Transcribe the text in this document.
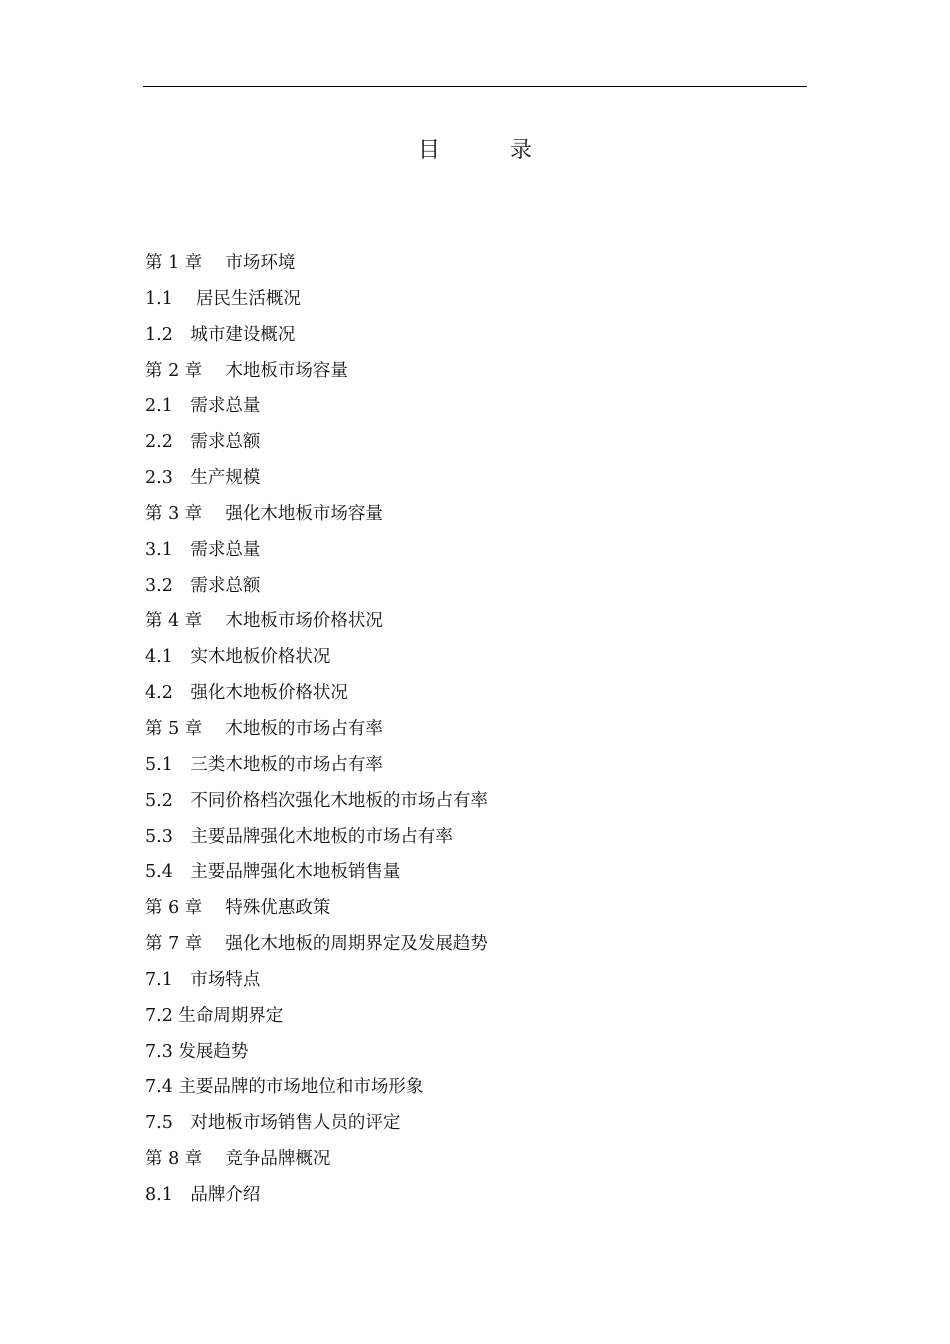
目　录
第 1 章　 市场环境
1.1　 居民生活概况
1.2　城市建设概况
第 2 章　 木地板市场容量
2.1　需求总量
2.2　需求总额
2.3　生产规模
第 3 章　 强化木地板市场容量
3.1　需求总量
3.2　需求总额
第 4 章　 木地板市场价格状况
4.1　实木地板价格状况
4.2　强化木地板价格状况
第 5 章　 木地板的市场占有率
5.1　三类木地板的市场占有率
5.2　不同价格档次强化木地板的市场占有率
5.3　主要品牌强化木地板的市场占有率
5.4　主要品牌强化木地板销售量
第 6 章　 特殊优惠政策
第 7 章　 强化木地板的周期界定及发展趋势
7.1　市场特点
7.2 生命周期界定
7.3 发展趋势
7.4 主要品牌的市场地位和市场形象
7.5　对地板市场销售人员的评定
第 8 章　 竞争品牌概况
8.1　品牌介绍
